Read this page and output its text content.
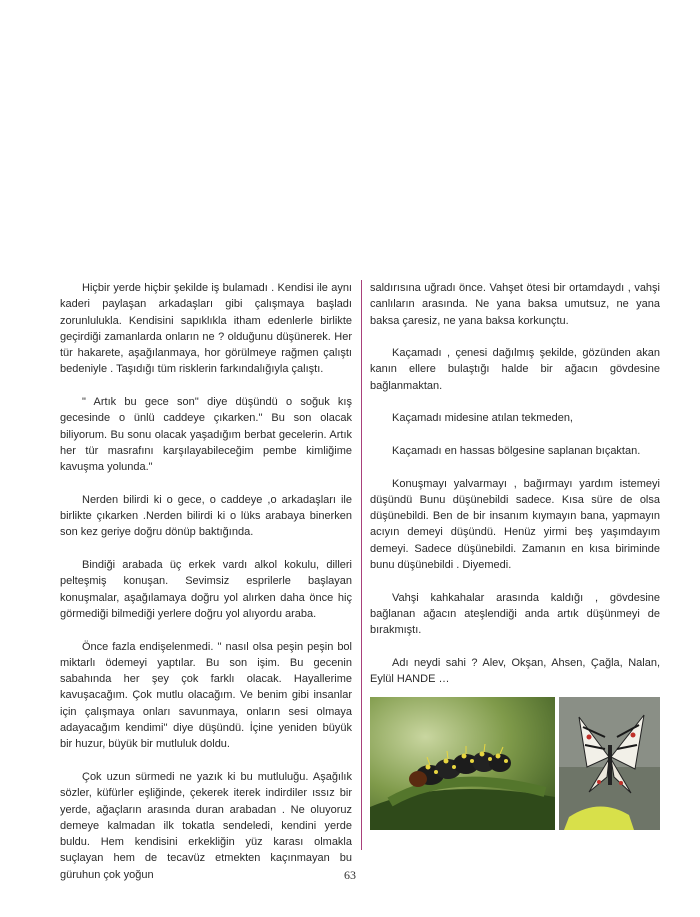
Hiçbir yerde hiçbir şekilde iş bulamadı . Kendisi ile aynı kaderi paylaşan arkadaşları gibi çalışmaya başladı zorunlulukla. Kendisini sapıklıkla itham edenlerle birlikte geçirdiği zamanlarda onların ne ? olduğunu düşünerek. Her tür hakarete, aşağılanmaya, hor görülmeye rağmen çalıştı bedeniyle . Taşıdığı tüm risklerin farkındalığıyla çalıştı.

" Artık bu gece son'' diye düşündü o soğuk kış gecesinde o ünlü caddeye çıkarken.'' Bu son olacak biliyorum. Bu sonu olacak yaşadığım berbat gecelerin. Artık her tür masrafını karşılayabileceğim pembe kimliğime kavuşma yolunda."

Nerden bilirdi ki o gece, o caddeye ,o arkadaşları ile birlikte çıkarken .Nerden bilirdi ki o lüks arabaya binerken son kez geriye doğru dönüp baktığında.

Bindiği arabada üç erkek vardı alkol kokulu, dilleri pelteşmiş konuşan. Sevimsiz esprilerle başlayan konuşmalar, aşağılamaya doğru yol alırken daha önce hiç görmediği bilmediği yerlere doğru yol alıyordu araba.

Önce fazla endişelenmedi. '' nasıl olsa peşin peşin bol miktarlı ödemeyi yaptılar. Bu son işim. Bu gecenin sabahında her şey çok farklı olacak. Hayallerime kavuşacağım. Çok mutlu olacağım. Ve benim gibi insanlar için çalışmaya onları savunmaya, onların sesi olmaya adayacağım kendimi'' diye düşündü. İçine yeniden büyük bir huzur, büyük bir mutluluk doldu.

Çok uzun sürmedi ne yazık ki bu mutluluğu. Aşağılık sözler, küfürler eşliğinde, çekerek iterek indirdiler ıssız bir yerde, ağaçların arasında duran arabadan . Ne oluyoruz demeye kalmadan ilk tokatla sendeledi, kendini yerde buldu. Hem kendisini erkekliğin yüz karası olmakla suçlayan hem de tecavüz etmekten kaçınmayan bu güruhun çok yoğun

saldırısına uğradı önce. Vahşet ötesi bir ortamdaydı , vahşi canlıların arasında. Ne yana baksa umutsuz, ne yana baksa çaresiz, ne yana baksa korkunçtu.

Kaçamadı , çenesi dağılmış şekilde, gözünden akan kanın ellere bulaştığı halde bir ağacın gövdesine bağlanmaktan.

Kaçamadı midesine atılan tekmeden,

Kaçamadı en hassas bölgesine saplanan bıçaktan.

Konuşmayı yalvarmayı , bağırmayı yardım istemeyi düşündü Bunu düşünebildi sadece. Kısa süre de olsa düşünebildi. Ben de bir insanım kıymayın bana, yapmayın acıyın demeyi düşündü. Henüz yirmi beş yaşımdayım demeyi. Sadece düşünebildi. Zamanın en kısa biriminde bunu düşünebildi . Diyemedi.

Vahşi kahkahalar arasında kaldığı , gövdesine bağlanan ağacın ateşlendiği anda artık düşünmeyi de bırakmıştı.

Adı neydi sahi ? Alev, Okşan, Ahsen, Çağla, Nalan, Eylül HANDE …

63
